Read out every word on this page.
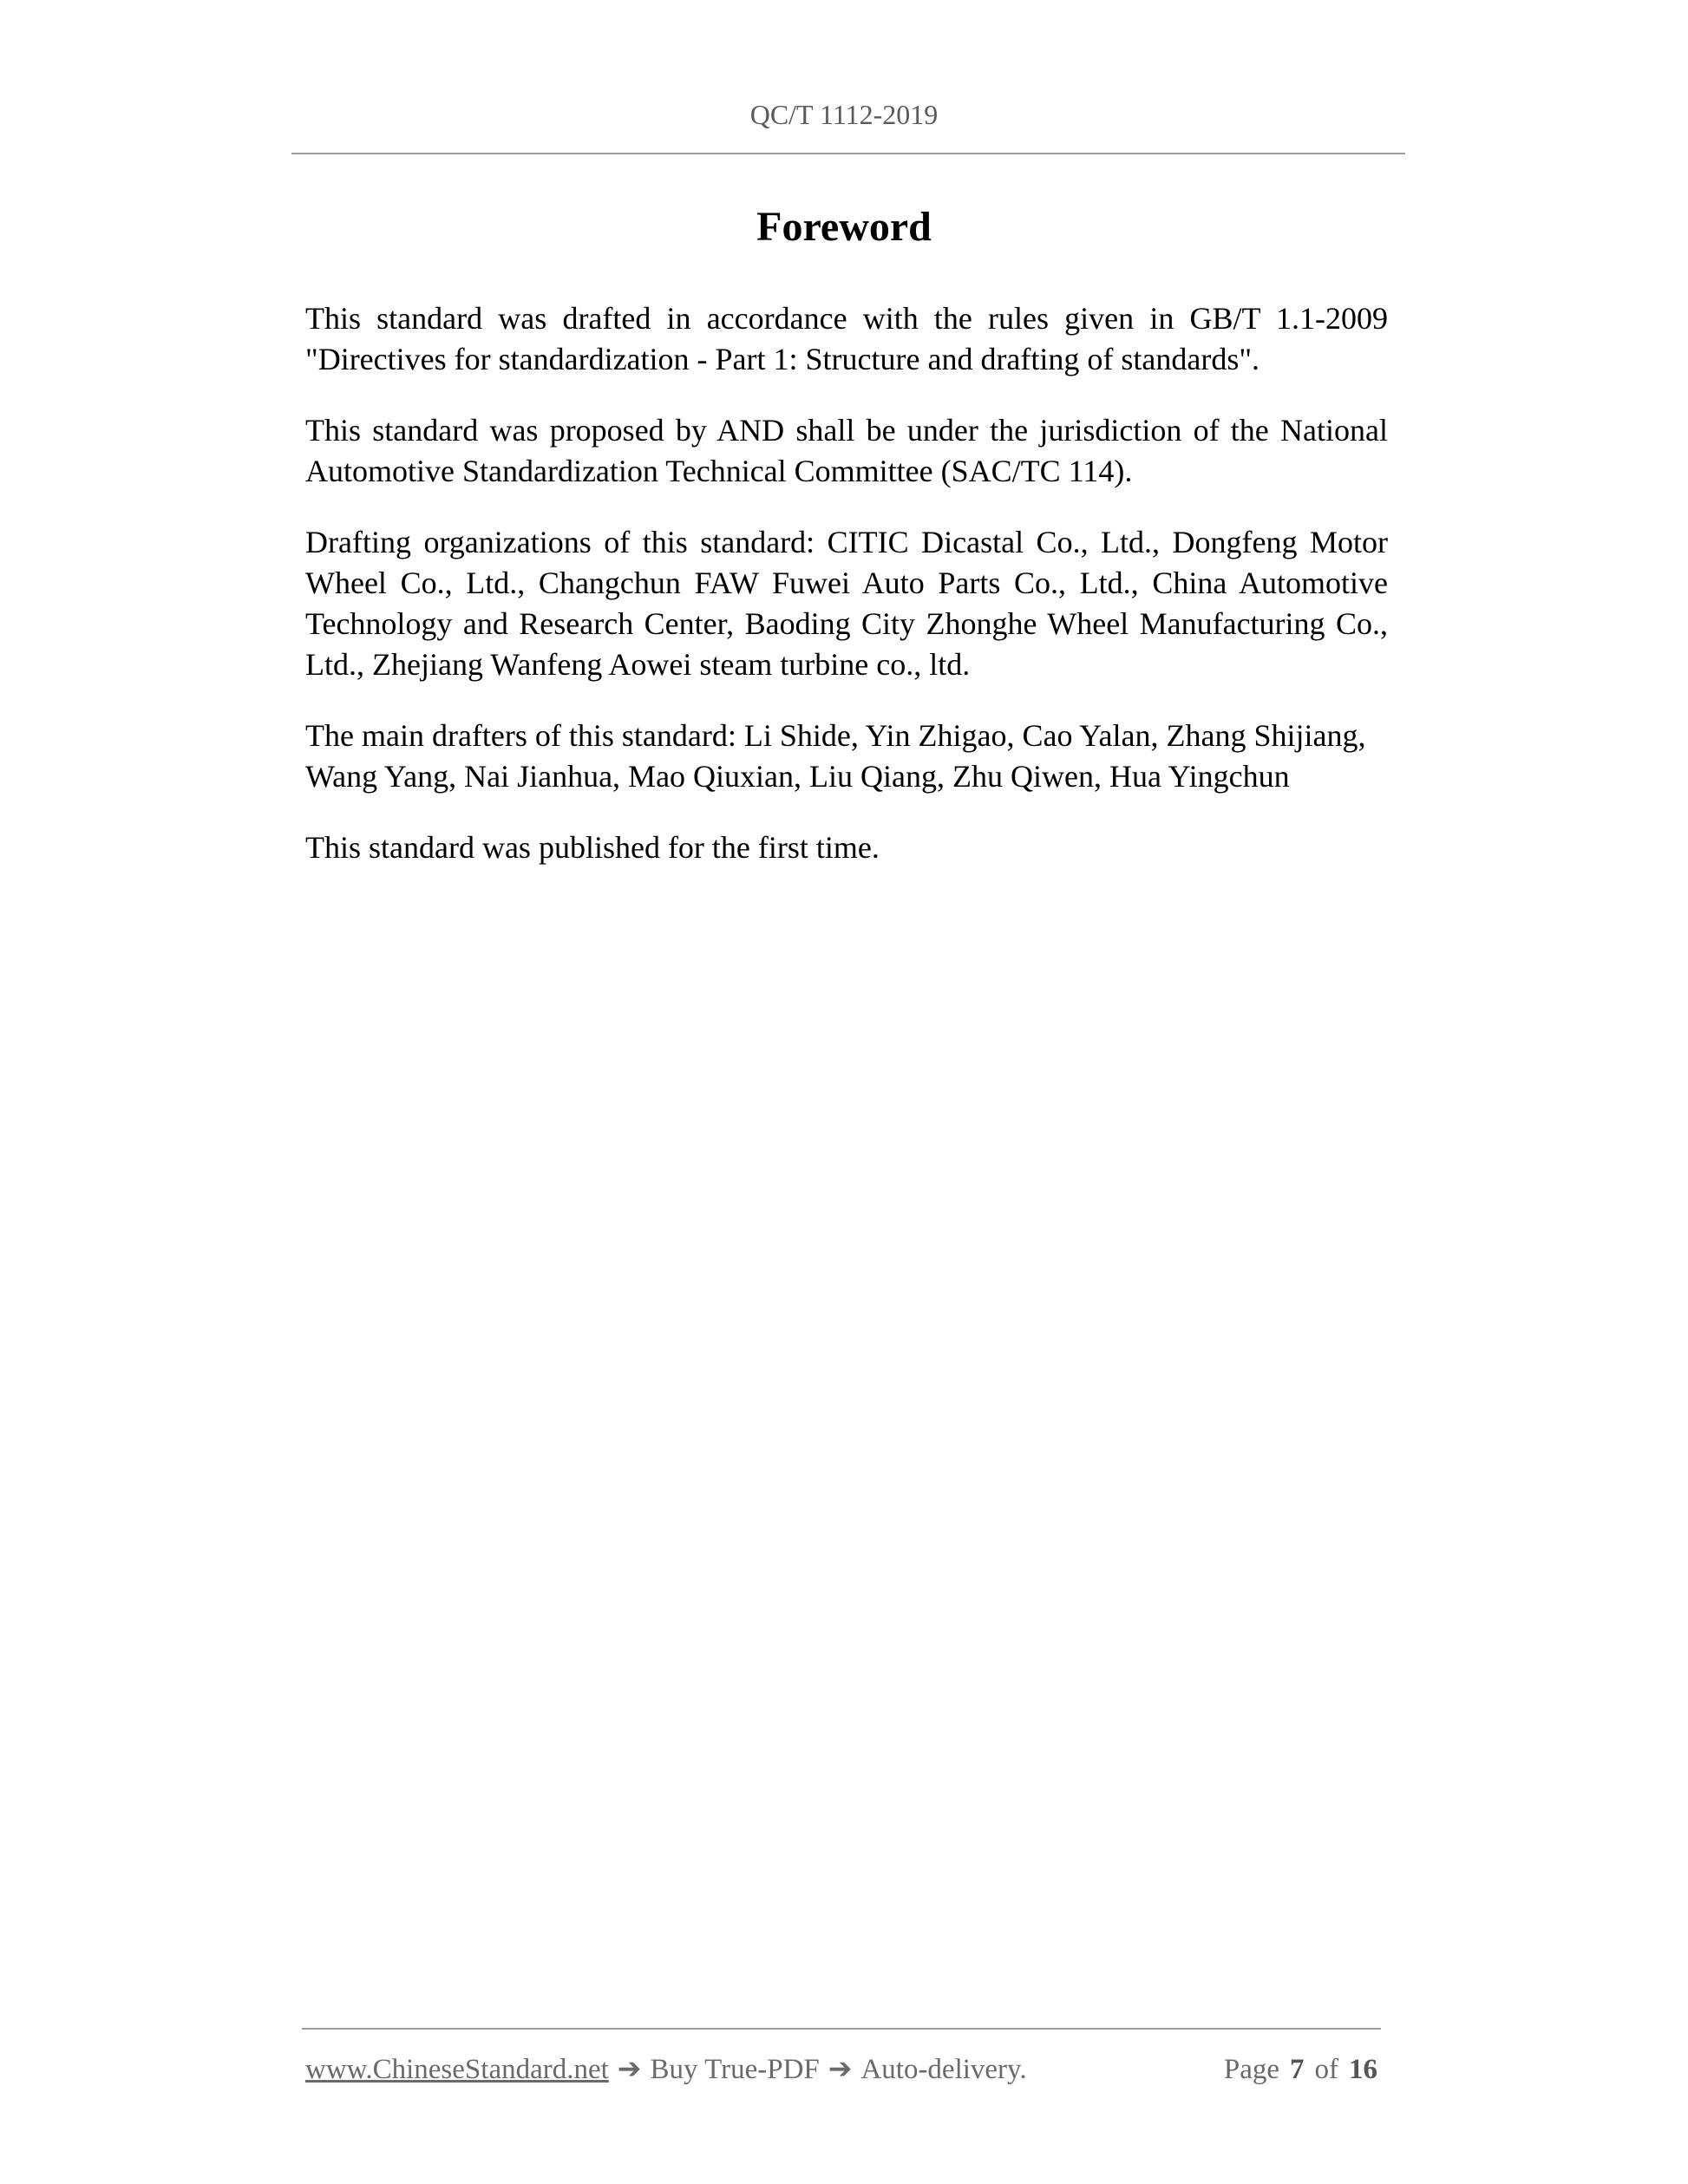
QC/T 1112-2019
Foreword

This standard was drafted in accordance with the rules given in GB/T 1.1-2009 "Directives for standardization - Part 1: Structure and drafting of standards".

This standard was proposed by AND shall be under the jurisdiction of the National Automotive Standardization Technical Committee (SAC/TC 114).

Drafting organizations of this standard: CITIC Dicastal Co., Ltd., Dongfeng Motor Wheel Co., Ltd., Changchun FAW Fuwei Auto Parts Co., Ltd., China Automotive Technology and Research Center, Baoding City Zhonghe Wheel Manufacturing Co., Ltd., Zhejiang Wanfeng Aowei steam turbine co., ltd.

The main drafters of this standard: Li Shide, Yin Zhigao, Cao Yalan, Zhang Shijiang, Wang Yang, Nai Jianhua, Mao Qiuxian, Liu Qiang, Zhu Qiwen, Hua Yingchun

This standard was published for the first time.

www.ChineseStandard.net ➔ Buy True-PDF ➔ Auto-delivery.	Page 7 of 16
